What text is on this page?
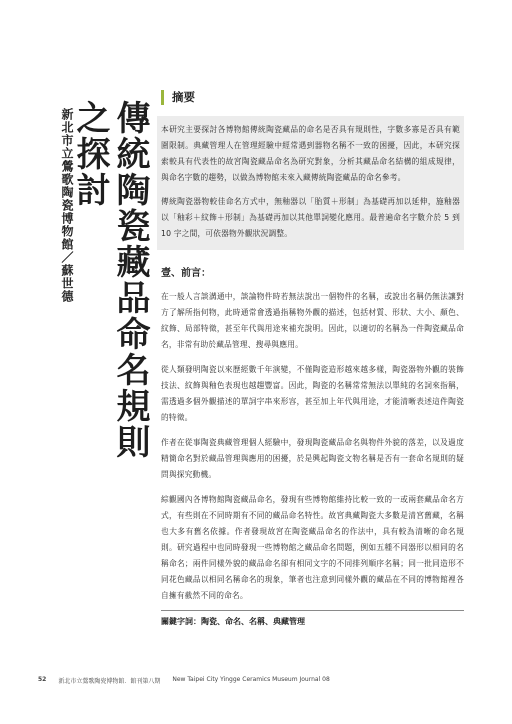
傳統陶瓷藏品命名規則之探討
新北市立鶯歌陶瓷博物館／蘇世德
摘要

本研究主要探討各博物館傳統陶瓷藏品的命名是否具有規則性，字數多寡是否具有範圍限制。典藏管理人在管理經驗中經常遇到器物名稱不一致的困擾，因此，本研究探索較具有代表性的故宮陶瓷藏品命名為研究對象，分析其藏品命名結構的組成規律，與命名字數的趨勢，以做為博物館未來入藏傳統陶瓷藏品的命名參考。

傳統陶瓷器物較佳命名方式中，無釉器以「胎質＋形制」為基礎再加以延伸，施釉器以「釉彩＋紋飾＋形制」為基礎再加以其他單詞變化應用。最普遍命名字數介於 5 到 10 字之間，可依器物外觀狀況調整。

壹、前言：

在一般人言談溝通中，談論物件時若無法說出一個物件的名稱，或說出名稱仍無法讓對方了解所指何物，此時通常會透過指稱物外觀的描述，包括材質、形狀、大小、顏色、紋飾、局部特徵，甚至年代與用途來補充說明。因此，以適切的名稱為一件陶瓷藏品命名，非常有助於藏品管理、搜尋與應用。

從人類發明陶瓷以來歷經數千年演變，不僅陶瓷造形越來越多樣，陶瓷器物外觀的裝飾技法、紋飾與釉色表現也越趨豐富。因此，陶瓷的名稱常常無法以單純的名詞來指稱，需透過多個外觀描述的單詞字串來形容，甚至加上年代與用途，才能清晰表述這件陶瓷的特徵。

作者在從事陶瓷典藏管理個人經驗中，發現陶瓷藏品命名與物件外貌的落差，以及過度精簡命名對於藏品管理與應用的困擾，於是興起陶瓷文物名稱是否有一套命名規則的疑問與探究動機。

綜觀國內各博物館陶瓷藏品命名，發現有些博物館維持比較一致的一或兩套藏品命名方式，有些則在不同時期有不同的藏品命名特性。故宮典藏陶瓷大多數是清宮舊藏，名稱也大多有舊名依據。作者發現故宮在陶瓷藏品命名的作法中，具有較為清晰的命名規則。研究過程中也同時發現一些博物館之藏品命名問題，例如五種不同器形以相同的名稱命名；兩件同樣外貌的藏品命名卻有相同文字的不同排列順序名稱；同一批同造形不同花色藏品以相同名稱命名的現象，筆者也注意到同樣外觀的藏品在不同的博物館裡各自擁有截然不同的命名。

關鍵字詞：陶瓷、命名、名稱、典藏管理
52 新北市立鶯歌陶瓷博物館．館刊第八期 New Taipei City Yingge Ceramics Museum Journal 08
